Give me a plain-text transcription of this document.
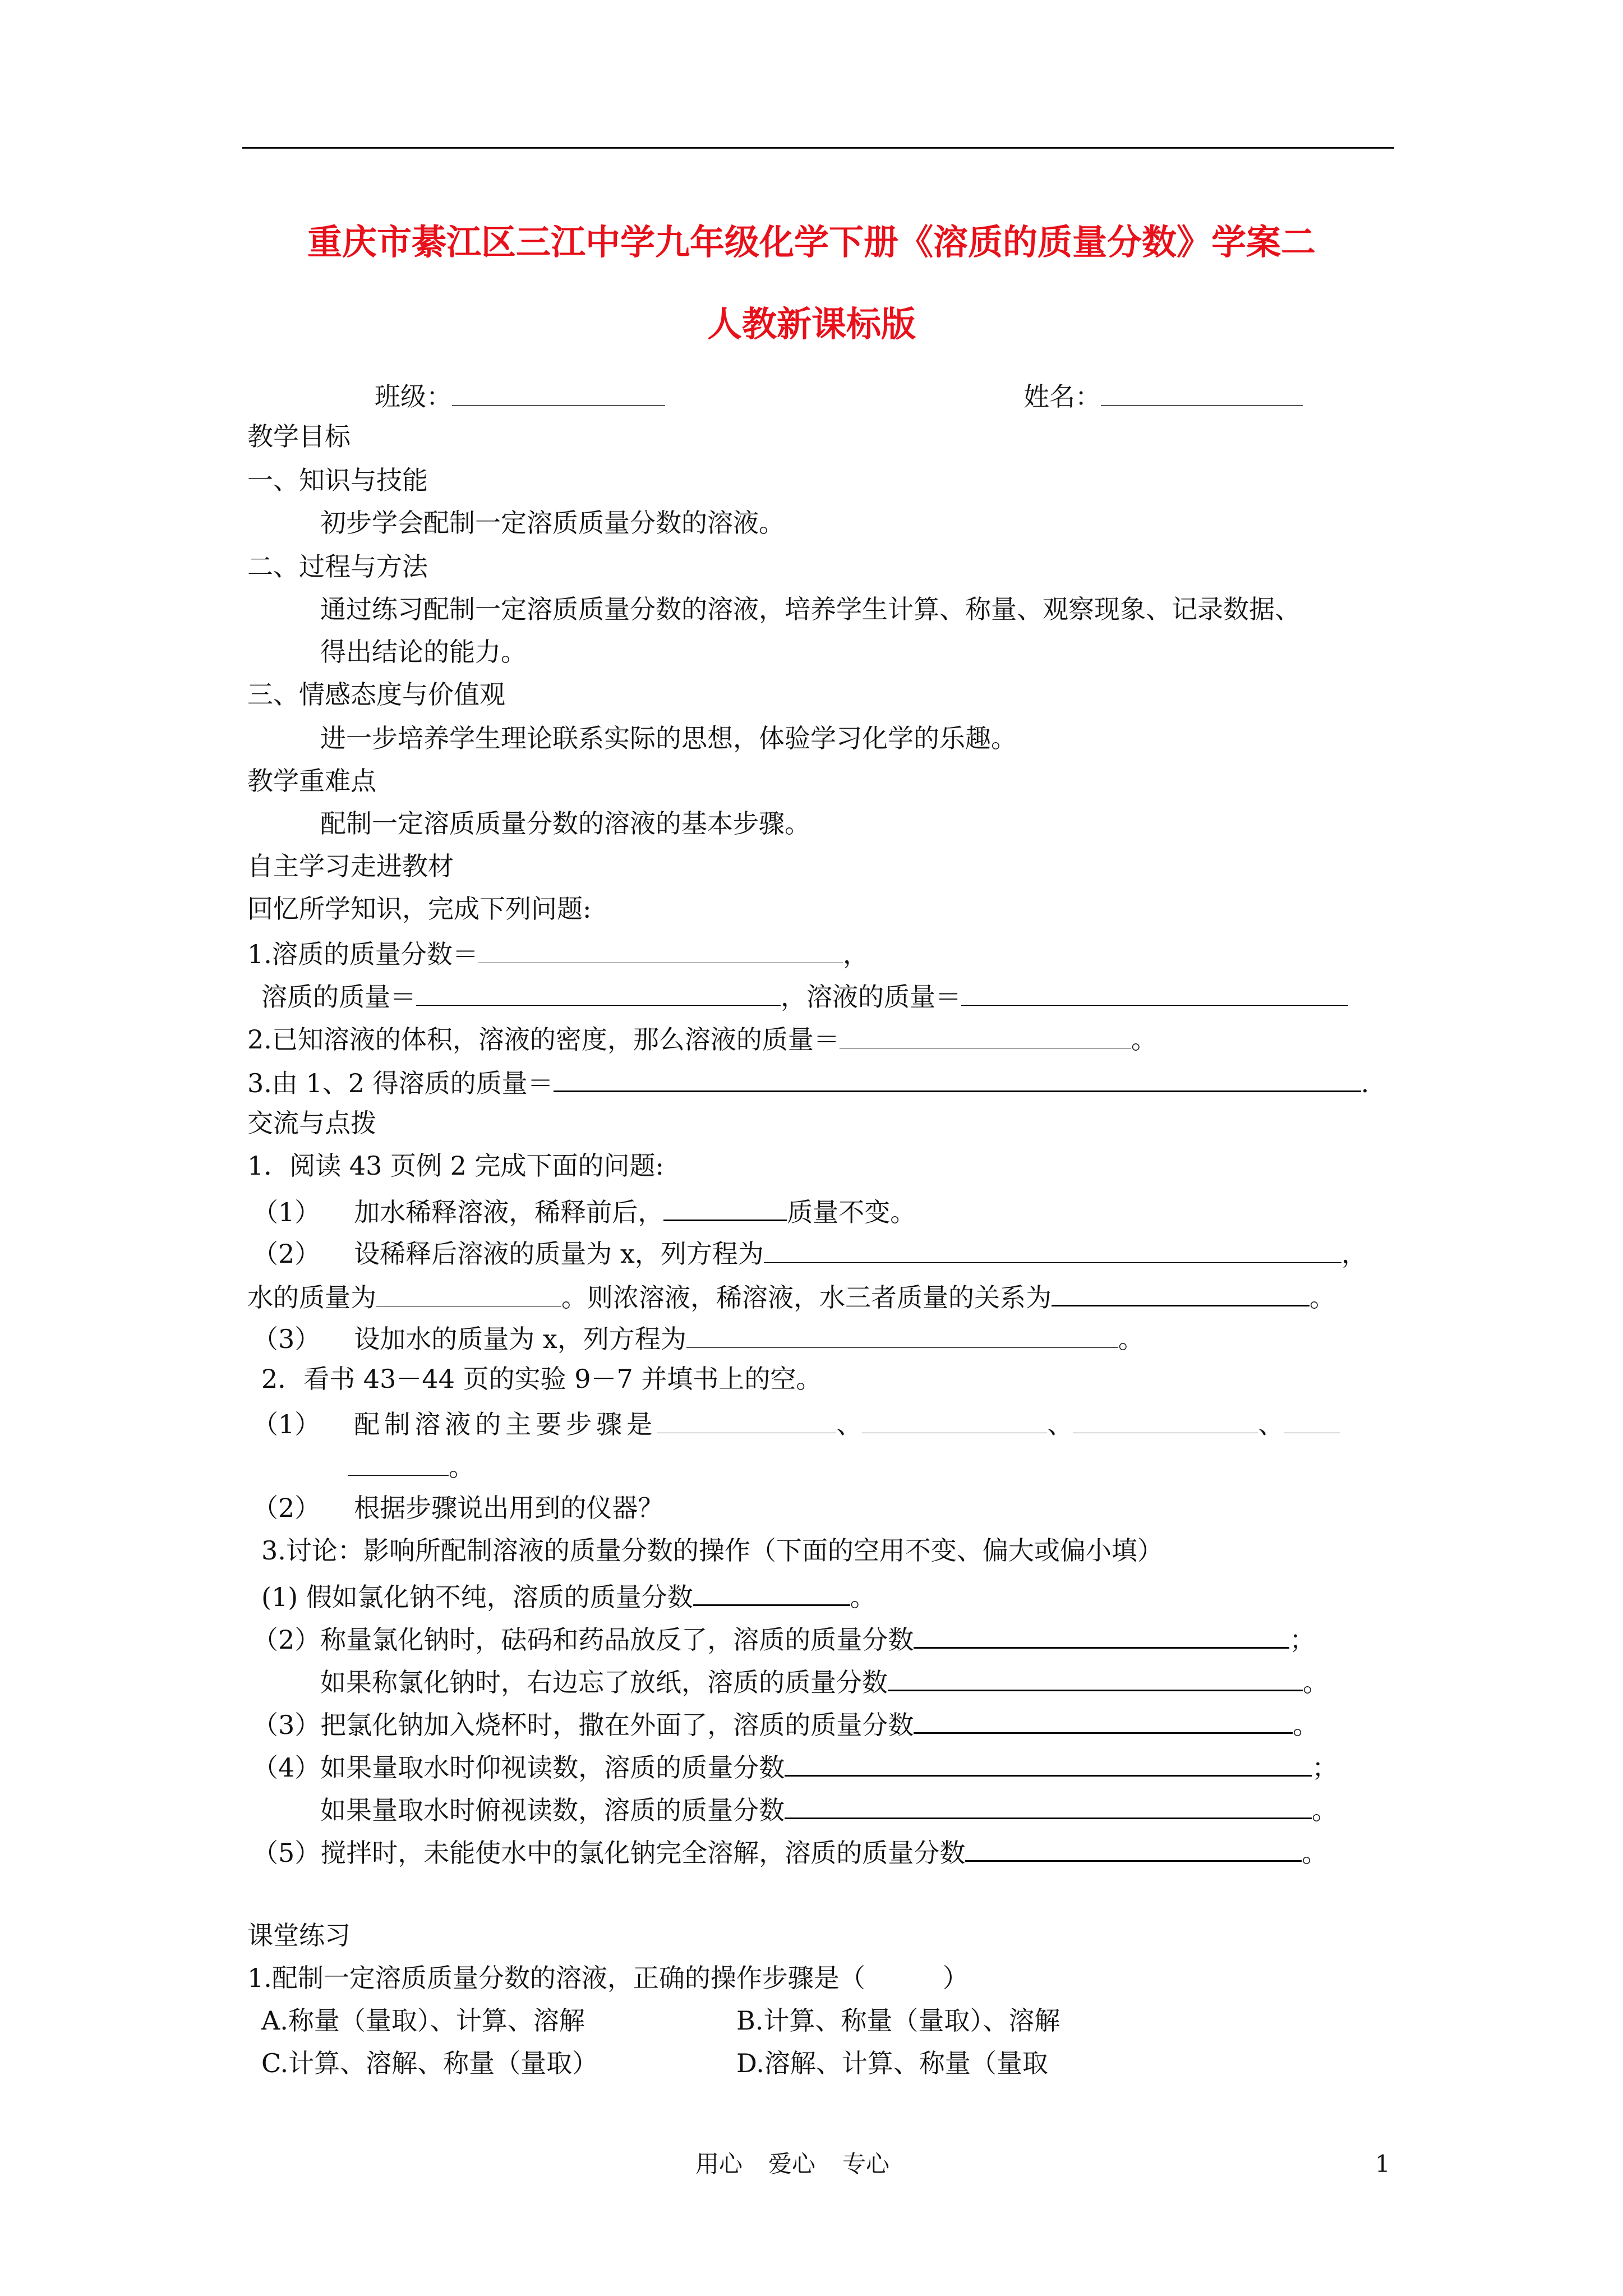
重庆市綦江区三江中学九年级化学下册《溶质的质量分数》学案二
人教新课标版
班级：	姓名：
教学目标
一、知识与技能
初步学会配制一定溶质质量分数的溶液。
二、过程与方法
通过练习配制一定溶质质量分数的溶液，培养学生计算、称量、观察现象、记录数据、
得出结论的能力。
三、情感态度与价值观
进一步培养学生理论联系实际的思想，体验学习化学的乐趣。
教学重难点
配制一定溶质质量分数的溶液的基本步骤。
自主学习走进教材
回忆所学知识，完成下列问题:
1.溶质的质量分数＝	，
溶质的质量＝	，溶液的质量＝
2.已知溶液的体积，溶液的密度，那么溶液的质量＝	。
3.由 1、2 得溶质的质量＝	.
交流与点拨
1．阅读 43 页例 2 完成下面的问题:
（1） 加水稀释溶液，稀释前后，	质量不变。
（2） 设稀释后溶液的质量为 x，列方程为	，
水的质量为	。则浓溶液，稀溶液，水三者质量的关系为	。
（3） 设加水的质量为 x，列方程为	。
2．看书 43－44 页的实验 9－7 并填书上的空。
（1） 配制溶液的主要步骤是	、	、	、
。
（2） 根据步骤说出用到的仪器？
3.讨论：影响所配制溶液的质量分数的操作（下面的空用不变、偏大或偏小填）
(1) 假如氯化钠不纯，溶质的质量分数	。
（2）称量氯化钠时，砝码和药品放反了，溶质的质量分数	；
如果称氯化钠时，右边忘了放纸，溶质的质量分数	。
（3）把氯化钠加入烧杯时，撒在外面了，溶质的质量分数	。
（4）如果量取水时仰视读数，溶质的质量分数	；
如果量取水时俯视读数，溶质的质量分数	。
（5）搅拌时，未能使水中的氯化钠完全溶解，溶质的质量分数	。
课堂练习
1.配制一定溶质质量分数的溶液，正确的操作步骤是（　　　）
A.称量（量取）、计算、溶解	B.计算、称量（量取）、溶解
C.计算、溶解、称量（量取）	D.溶解、计算、称量（量取
用心 爱心 专心	1
